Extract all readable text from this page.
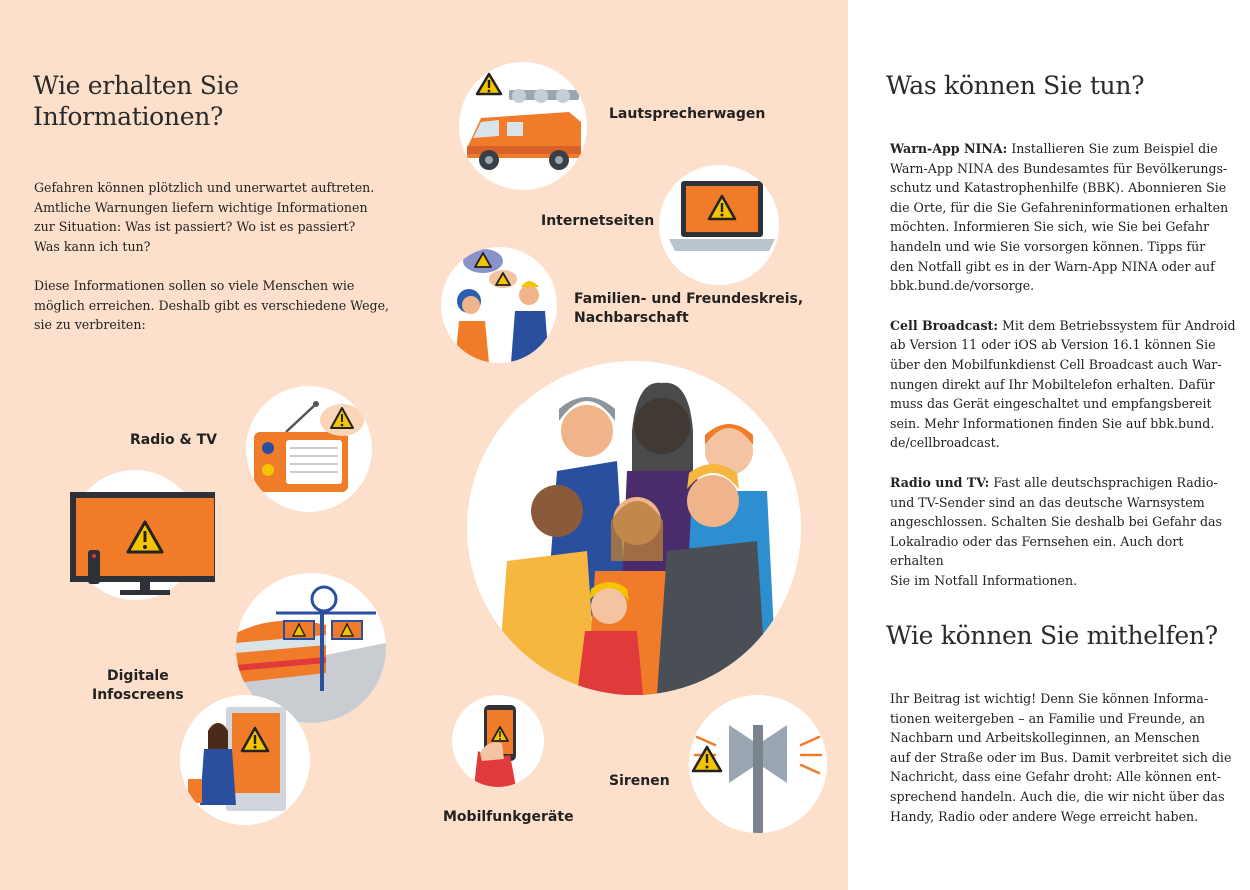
Wie erhalten Sie
Informationen?
Gefahren können plötzlich und unerwartet auftreten.
Amtliche Warnungen liefern wichtige Informationen
zur Situation: Was ist passiert? Wo ist es passiert?
Was kann ich tun?
Diese Informationen sollen so viele Menschen wie
möglich erreichen. Deshalb gibt es verschiedene Wege,
sie zu verbreiten:
Lautsprecherwagen
Internetseiten
Familien- und Freundeskreis,
Nachbarschaft
Radio & TV
Digitale
Infoscreens
Mobilfunkgeräte
Sirenen
Was können Sie tun?
Warn-App NINA: Installieren Sie zum Beispiel die
Warn-App NINA des Bundesamtes für Bevölkerungs-
schutz und Katastrophenhilfe (BBK). Abonnieren Sie
die Orte, für die Sie Gefahreninformationen erhalten
möchten. Informieren Sie sich, wie Sie bei Gefahr
handeln und wie Sie vorsorgen können. Tipps für
den Notfall gibt es in der Warn-App NINA oder auf
bbk.bund.de/vorsorge.
Cell Broadcast: Mit dem Betriebssystem für Android
ab Version 11 oder iOS ab Version 16.1 können Sie
über den Mobilfunkdienst Cell Broadcast auch War-
nungen direkt auf Ihr Mobiltelefon erhalten. Dafür
muss das Gerät eingeschaltet und empfangsbereit
sein. Mehr Informationen finden Sie auf bbk.bund.
de/cellbroadcast.
Radio und TV: Fast alle deutschsprachigen Radio-
und TV-Sender sind an das deutsche Warnsystem
angeschlossen. Schalten Sie deshalb bei Gefahr das
Lokalradio oder das Fernsehen ein. Auch dort erhalten
Sie im Notfall Informationen.
Wie können Sie mithelfen?
Ihr Beitrag ist wichtig! Denn Sie können Informa-
tionen weitergeben – an Familie und Freunde, an
Nachbarn und Arbeitskolleginnen, an Menschen
auf der Straße oder im Bus. Damit verbreitet sich die
Nachricht, dass eine Gefahr droht: Alle können ent-
sprechend handeln. Auch die, die wir nicht über das
Handy, Radio oder andere Wege erreicht haben.
